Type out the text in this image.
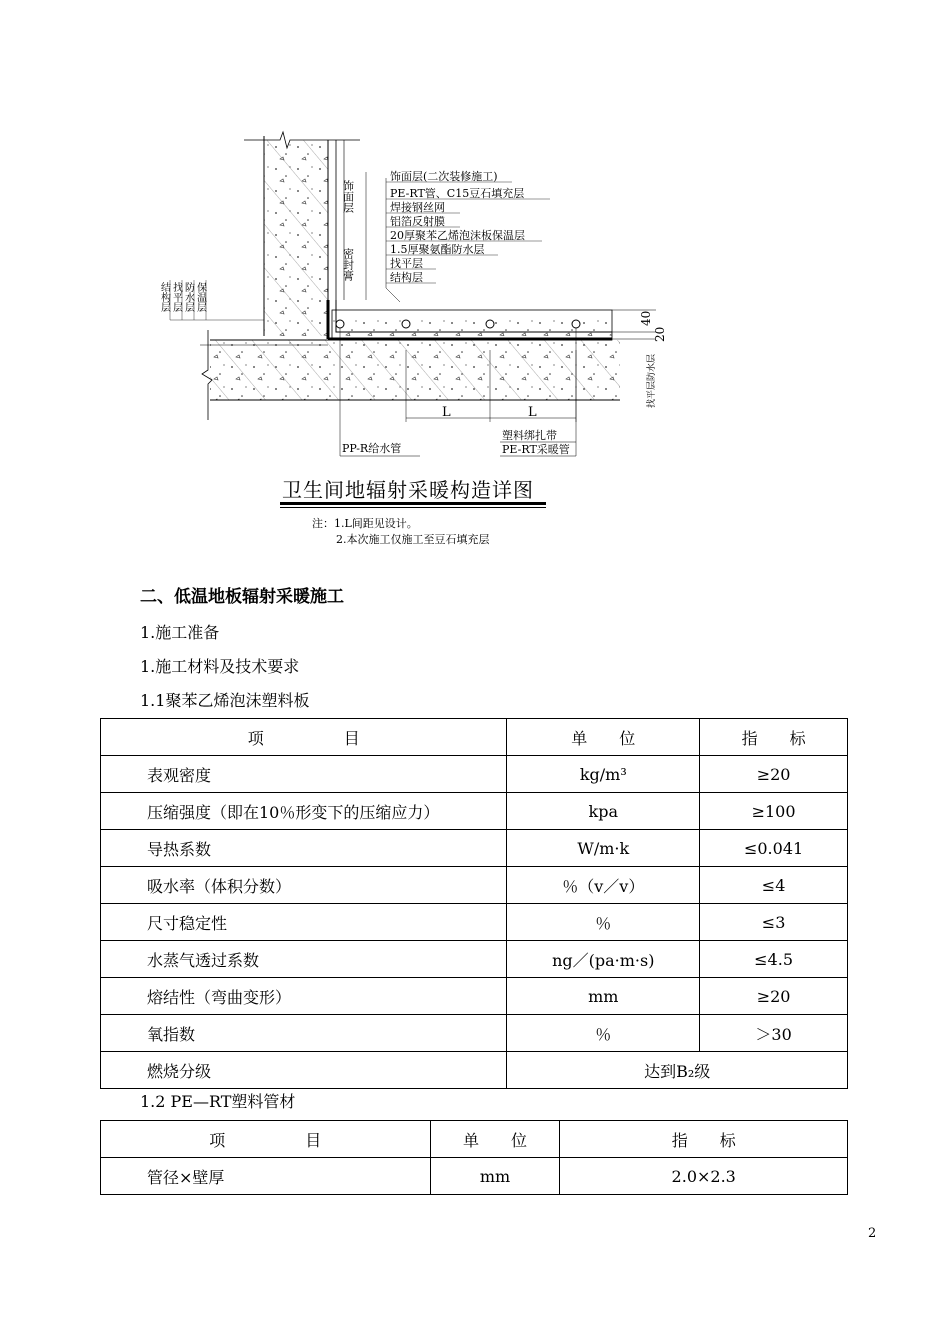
40
20
找平层防水层
L	L
PP-R给水管
塑料绑扎带
PE-RT采暖管
饰面层(二次装修施工)
PE-RT管、C15豆石填充层
焊接钢丝网
铝箔反射膜
20厚聚苯乙烯泡沫板保温层
1.5厚聚氨酯防水层
找平层
结构层
饰面层
密封膏
结构层 找平层 防水层 保温层
卫生间地辐射采暖构造详图
注：1.L间距见设计。
2.本次施工仅施工至豆石填充层
二、低温地板辐射采暖施工
1.施工准备
1.施工材料及技术要求
1.1聚苯乙烯泡沫塑料板
项　　　　　目	单　　位	指　　标
表观密度	kg/m³	≥20
压缩强度（即在10％形变下的压缩应力）	kpa	≥100
导热系数	W/m·k	≤0.041
吸水率（体积分数）	％（v／v）	≤4
尺寸稳定性	％	≤3
水蒸气透过系数	ng／(pa·m·s)	≤4.5
熔结性（弯曲变形）	mm	≥20
氧指数	％	＞30
燃烧分级	达到B₂级	
1.2 PE—RT塑料管材
项　　　　　目	单　　位	指　　标
管径×壁厚	mm	2.0×2.3
2
